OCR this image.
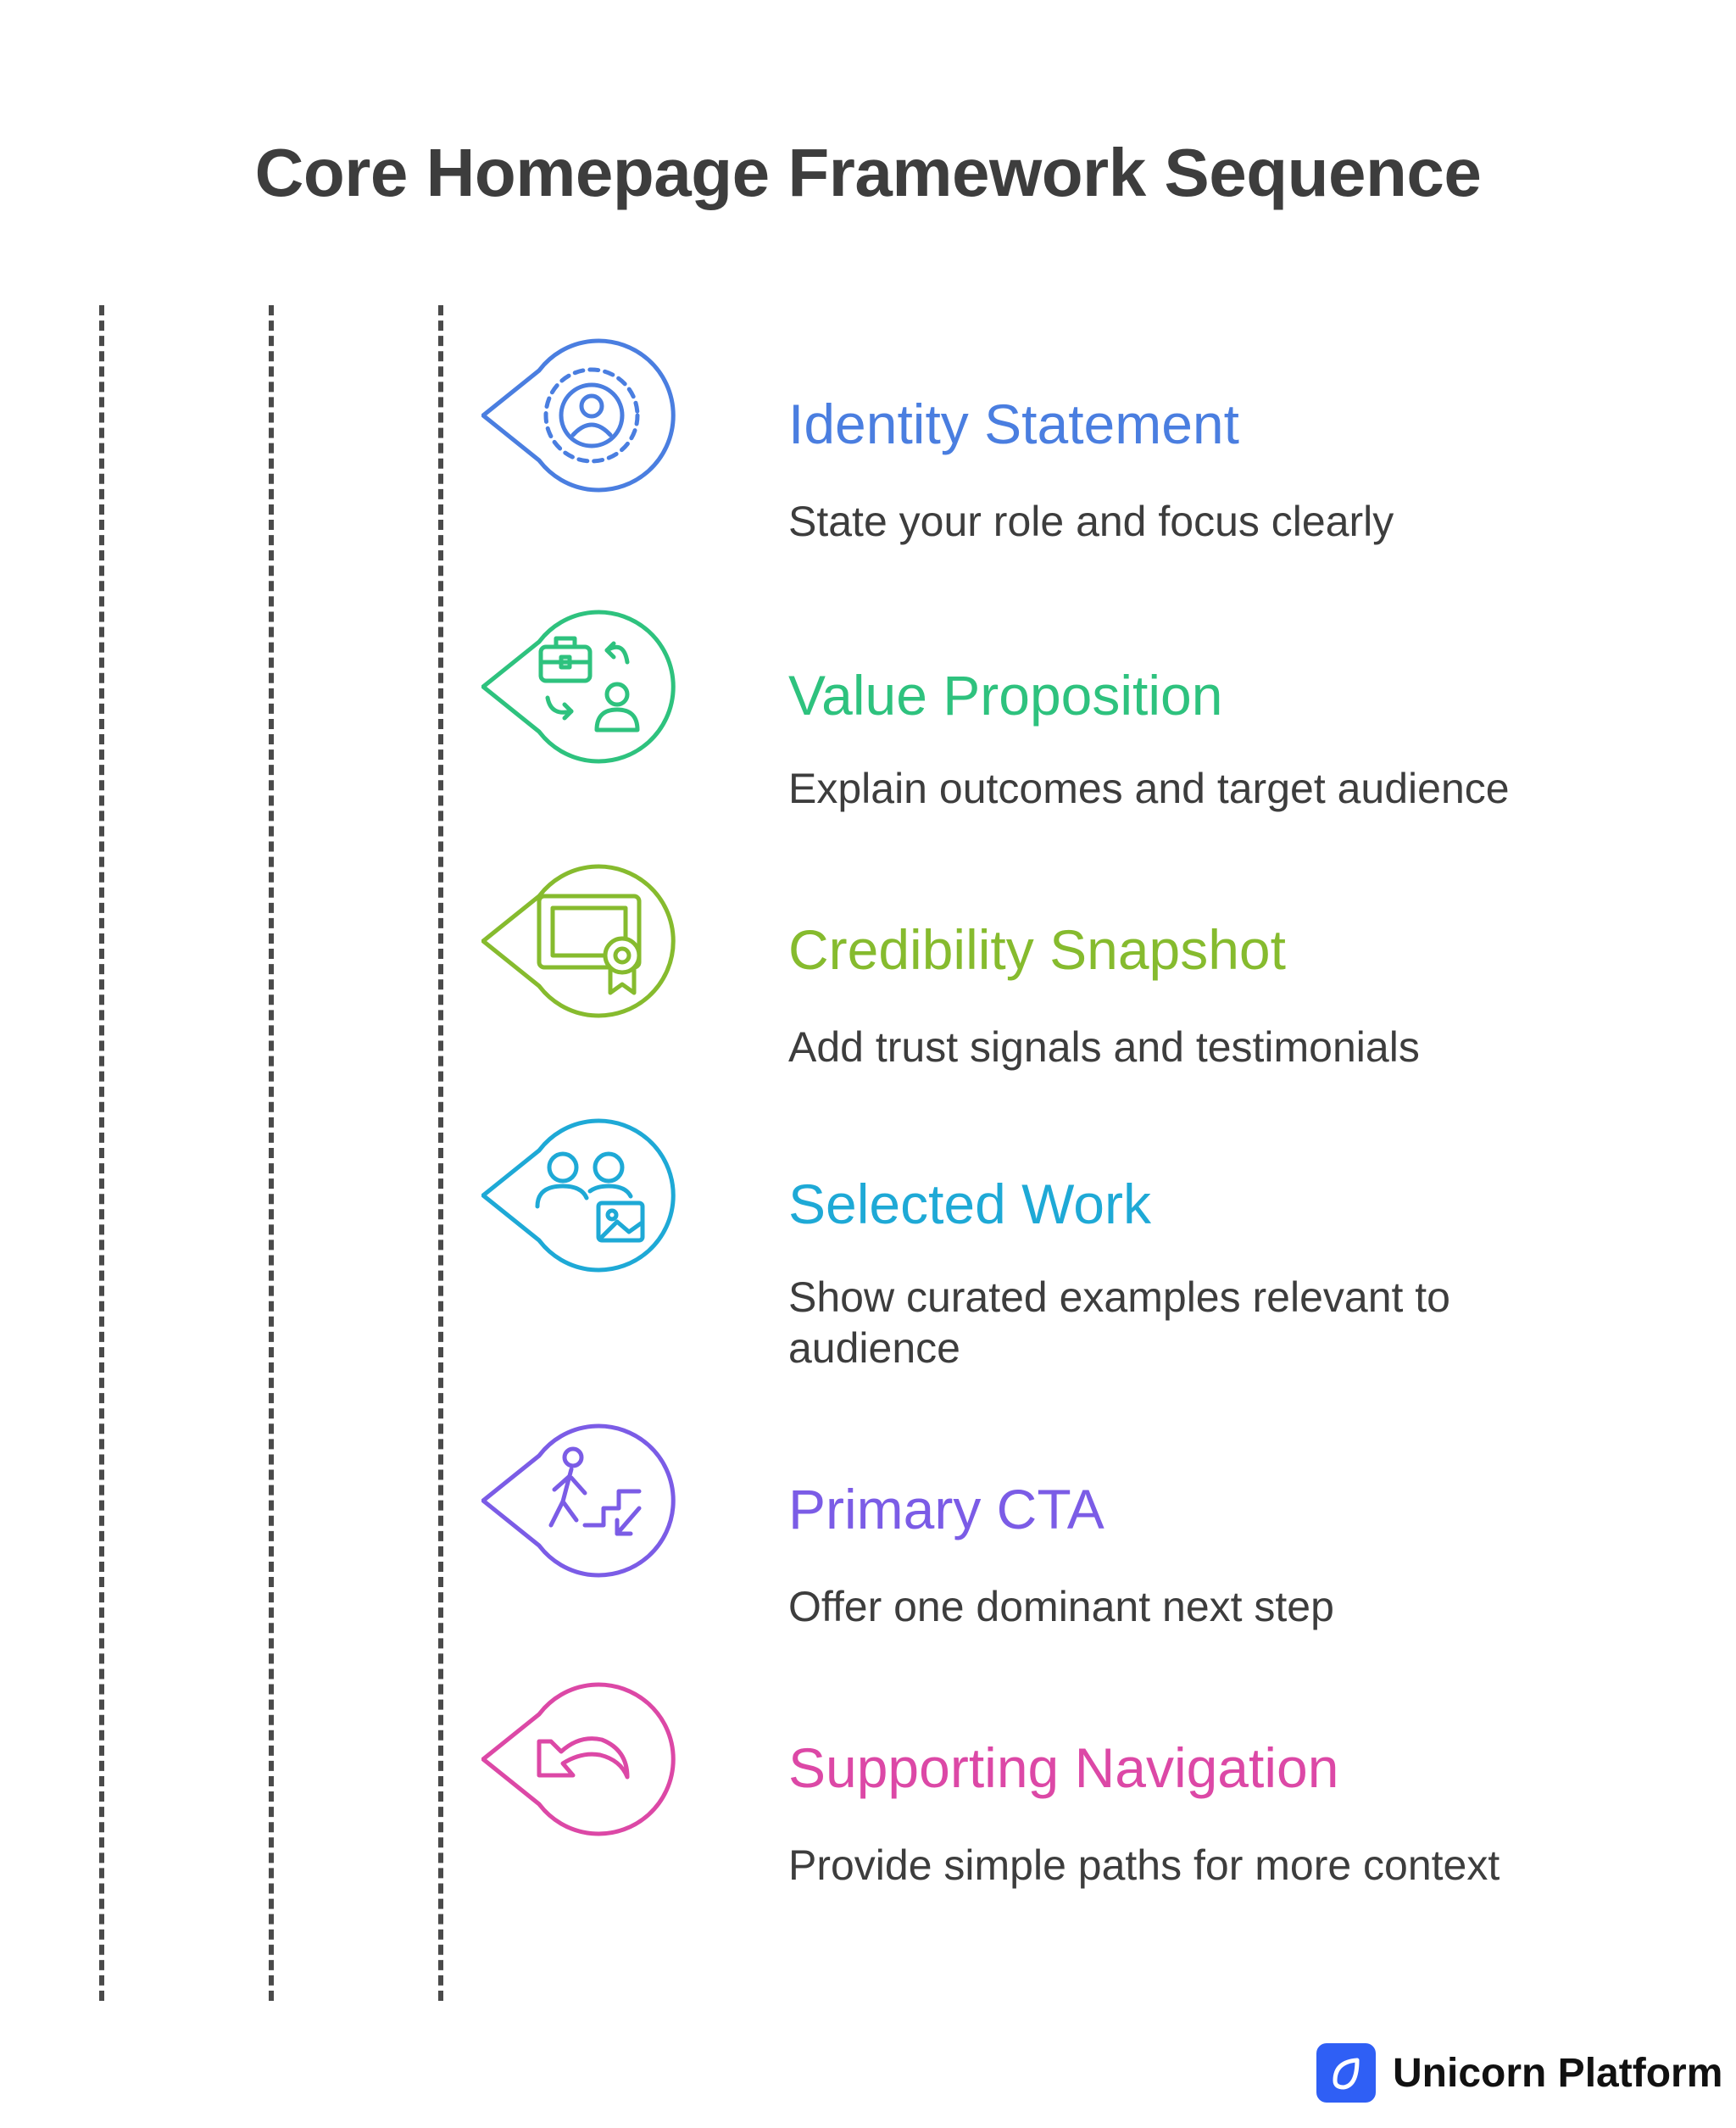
Core Homepage Framework Sequence
Identity Statement
State your role and focus clearly
Value Proposition
Explain outcomes and target audience
Credibility Snapshot
Add trust signals and testimonials
Selected Work
Show curated examples relevant to audience
Primary CTA
Offer one dominant next step
Supporting Navigation
Provide simple paths for more context
Unicorn Platform
